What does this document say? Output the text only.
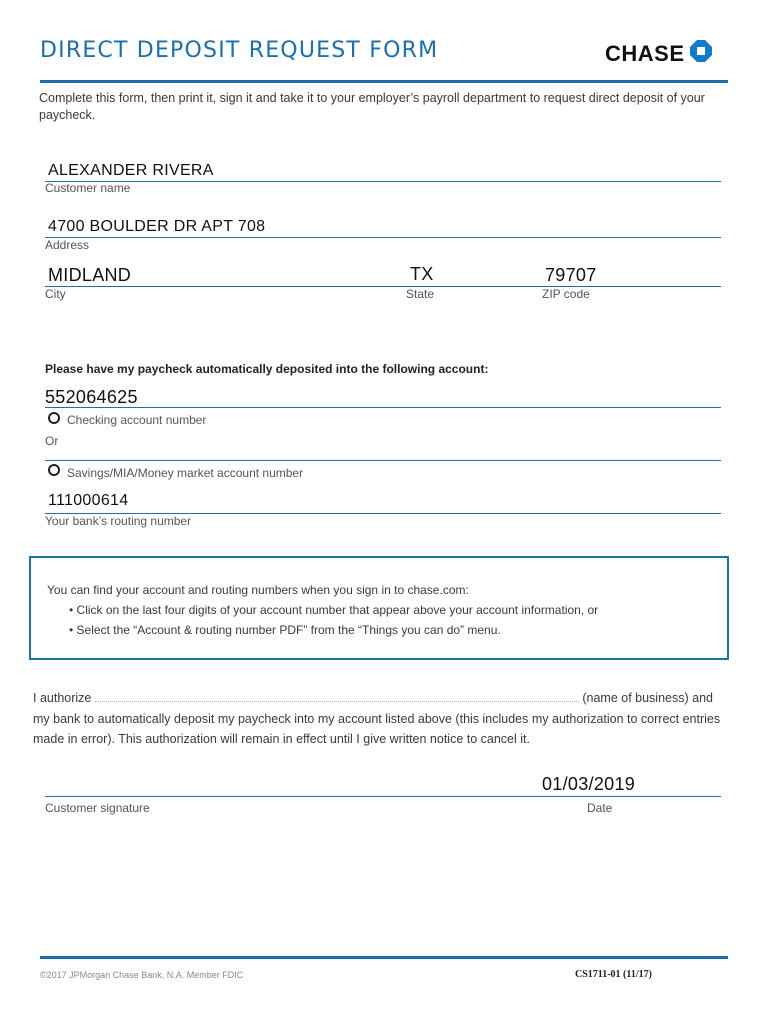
DIRECT DEPOSIT REQUEST FORM	CHASE
Complete this form, then print it, sign it and take it to your employer’s payroll department to request direct deposit of your paycheck.
ALEXANDER RIVERA
Customer name
4700 BOULDER DR APT 708
Address
MIDLAND	TX	79707
City	State	ZIP code
Please have my paycheck automatically deposited into the following account:
552064625
Checking account number
Or
Savings/MIA/Money market account number
111000614
Your bank’s routing number
You can find your account and routing numbers when you sign in to chase.com:
• Click on the last four digits of your account number that appear above your account information, or
• Select the “Account & routing number PDF” from the “Things you can do” menu.
I authorize	(name of business) and my bank to automatically deposit my paycheck into my account listed above (this includes my authorization to correct entries made in error). This authorization will remain in effect until I give written notice to cancel it.
01/03/2019
Customer signature	Date
©2017 JPMorgan Chase Bank, N.A. Member FDIC	CS1711-01 (11/17)
